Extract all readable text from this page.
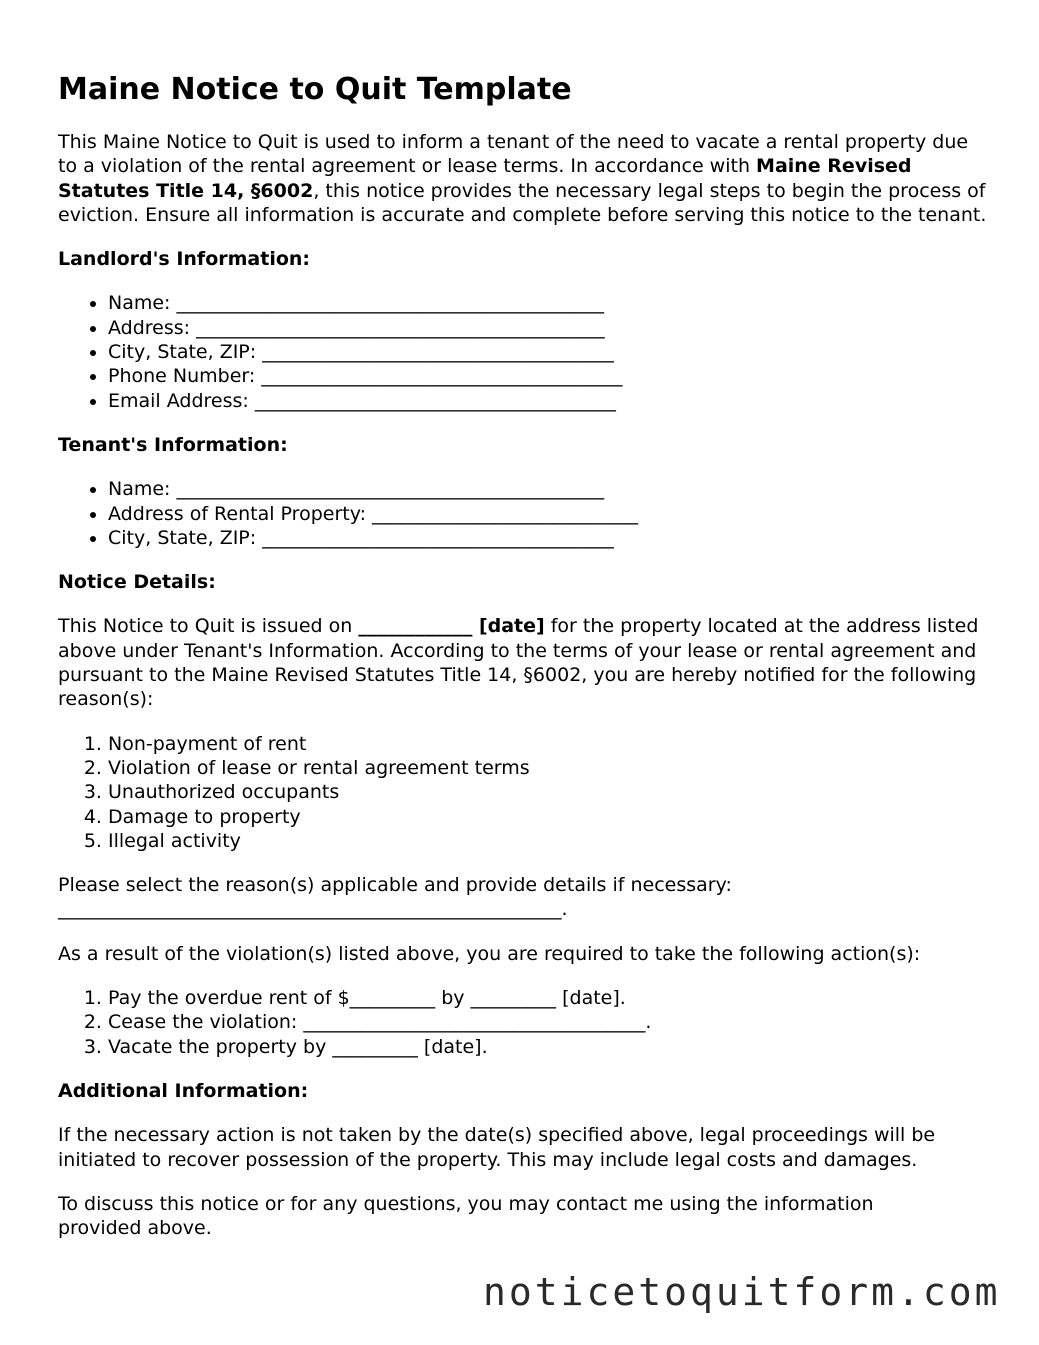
Maine Notice to Quit Template

This Maine Notice to Quit is used to inform a tenant of the need to vacate a rental property due to a violation of the rental agreement or lease terms. In accordance with Maine Revised Statutes Title 14, §6002, this notice provides the necessary legal steps to begin the process of eviction. Ensure all information is accurate and complete before serving this notice to the tenant.

Landlord's Information:
• Name: _____________________________________________
• Address: ___________________________________________
• City, State, ZIP: _____________________________________
• Phone Number: ______________________________________
• Email Address: ______________________________________
Tenant's Information:
• Name: _____________________________________________
• Address of Rental Property: ____________________________
• City, State, ZIP: _____________________________________
Notice Details:

This Notice to Quit is issued on ____________ [date] for the property located at the address listed above under Tenant's Information. According to the terms of your lease or rental agreement and pursuant to the Maine Revised Statutes Title 14, §6002, you are hereby notified for the following reason(s):

1. Non-payment of rent
2. Violation of lease or rental agreement terms
3. Unauthorized occupants
4. Damage to property
5. Illegal activity

Please select the reason(s) applicable and provide details if necessary:
_____________________________________________________.

As a result of the violation(s) listed above, you are required to take the following action(s):

1. Pay the overdue rent of $_________ by _________ [date].
2. Cease the violation: ____________________________________.
3. Vacate the property by _________ [date].
Additional Information:

If the necessary action is not taken by the date(s) specified above, legal proceedings will be initiated to recover possession of the property. This may include legal costs and damages.

To discuss this notice or for any questions, you may contact me using the information provided above.

noticetoquitform.com
